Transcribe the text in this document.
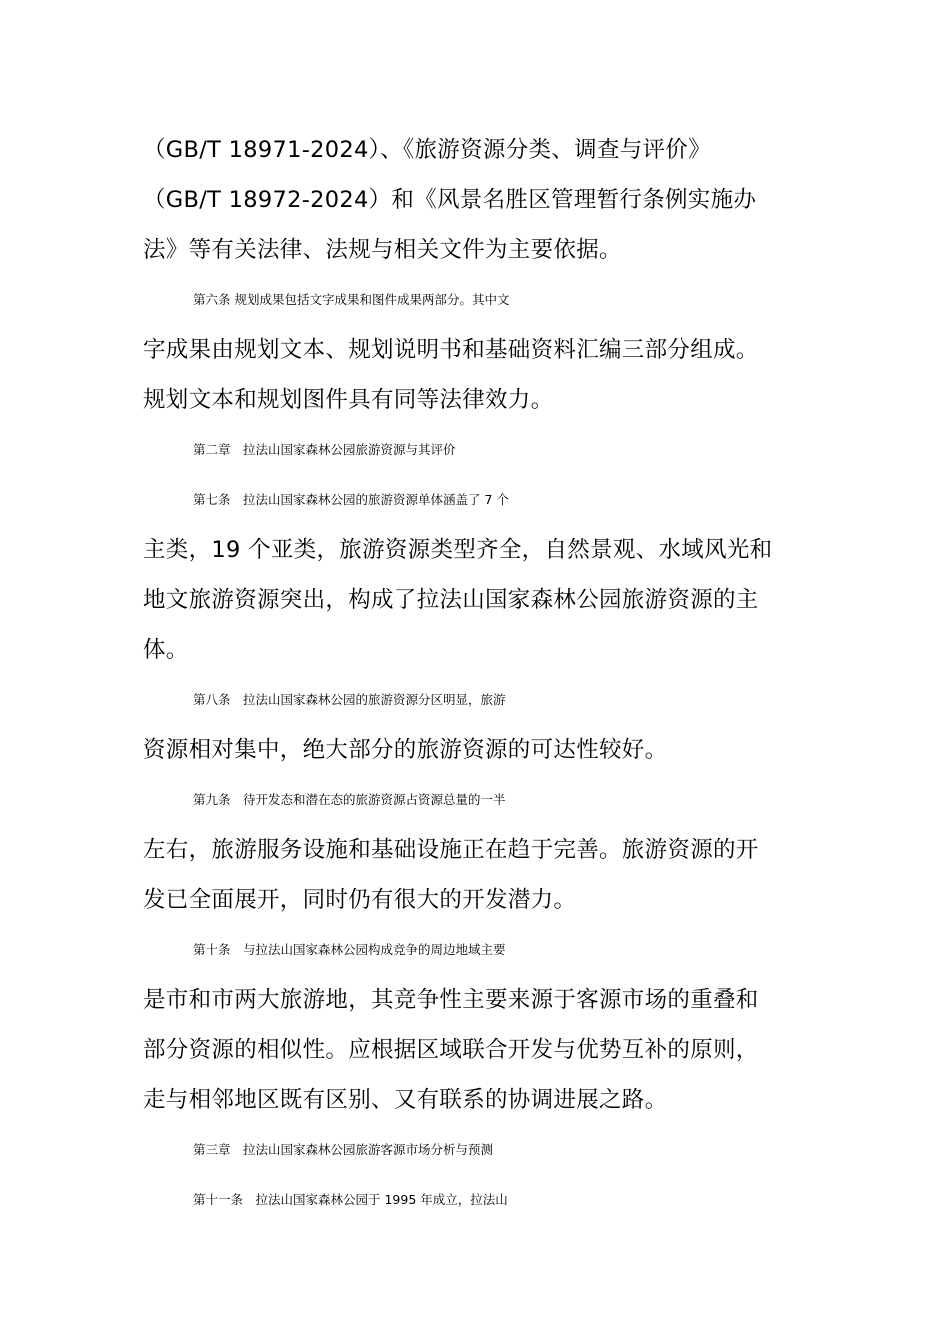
（GB/T 18971-2024）、《旅游资源分类、调查与评价》
（GB/T 18972-2024）和《风景名胜区管理暂行条例实施办
法》等有关法律、法规与相关文件为主要依据。
第六条 规划成果包括文字成果和图件成果两部分。其中文
字成果由规划文本、规划说明书和基础资料汇编三部分组成。
规划文本和规划图件具有同等法律效力。
第二章　拉法山国家森林公园旅游资源与其评价
第七条　拉法山国家森林公园的旅游资源单体涵盖了 7 个
主类，19 个亚类，旅游资源类型齐全，自然景观、水域风光和
地文旅游资源突出，构成了拉法山国家森林公园旅游资源的主
体。
第八条　拉法山国家森林公园的旅游资源分区明显，旅游
资源相对集中，绝大部分的旅游资源的可达性较好。
第九条　待开发态和潜在态的旅游资源占资源总量的一半
左右，旅游服务设施和基础设施正在趋于完善。旅游资源的开
发已全面展开，同时仍有很大的开发潜力。
第十条　与拉法山国家森林公园构成竞争的周边地域主要
是市和市两大旅游地，其竞争性主要来源于客源市场的重叠和
部分资源的相似性。应根据区域联合开发与优势互补的原则，
走与相邻地区既有区别、又有联系的协调进展之路。
第三章　拉法山国家森林公园旅游客源市场分析与预测
第十一条　拉法山国家森林公园于 1995 年成立，拉法山
